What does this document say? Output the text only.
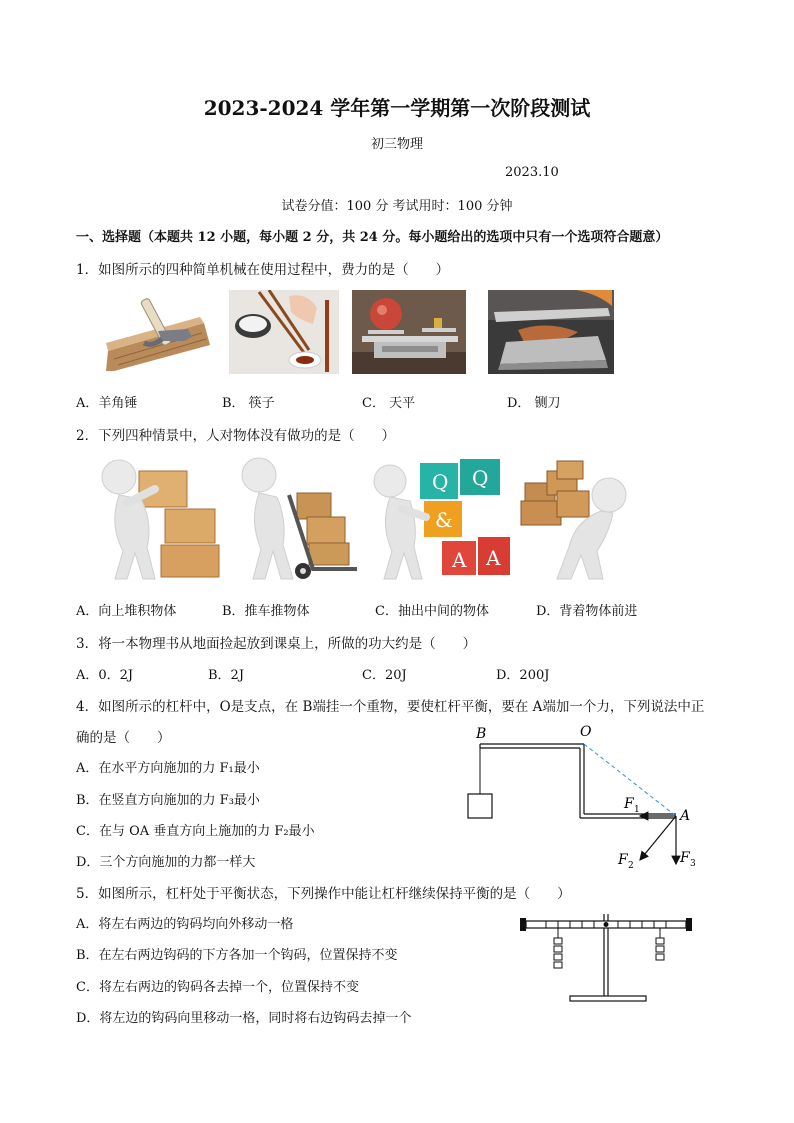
2023-2024 学年第一学期第一次阶段测试
初三物理
2023.10
试卷分值：100 分 考试用时：100 分钟
一、选择题（本题共 12 小题，每小题 2 分，共 24 分。每小题给出的选项中只有一个选项符合题意）
1．如图所示的四种简单机械在使用过程中，费力的是（　　）
A．羊角锤	B． 筷子	C． 天平	D． 铡刀
2．下列四种情景中，人对物体没有做功的是（　　）
Q Q
&
A A
A．向上堆积物体	B．推车推物体	C．抽出中间的物体	D．背着物体前进
3．将一本物理书从地面捡起放到课桌上，所做的功大约是（　　）
A．0．2J	B．2J	C．20J	D．200J
4．如图所示的杠杆中，O是支点，在 B端挂一个重物，要使杠杆平衡，要在 A端加一个力，下列说法中正
确的是（　　）
A．在水平方向施加的力 F₁最小
B．在竖直方向施加的力 F₃最小
C．在与 OA 垂直方向上施加的力 F₂最小
D．三个方向施加的力都一样大
B	O
A
F 1
F 2	F 3
5．如图所示，杠杆处于平衡状态，下列操作中能让杠杆继续保持平衡的是（　　）
A．将左右两边的钩码均向外移动一格
B．在左右两边钩码的下方各加一个钩码，位置保持不变
C．将左右两边的钩码各去掉一个，位置保持不变
D．将左边的钩码向里移动一格，同时将右边钩码去掉一个
